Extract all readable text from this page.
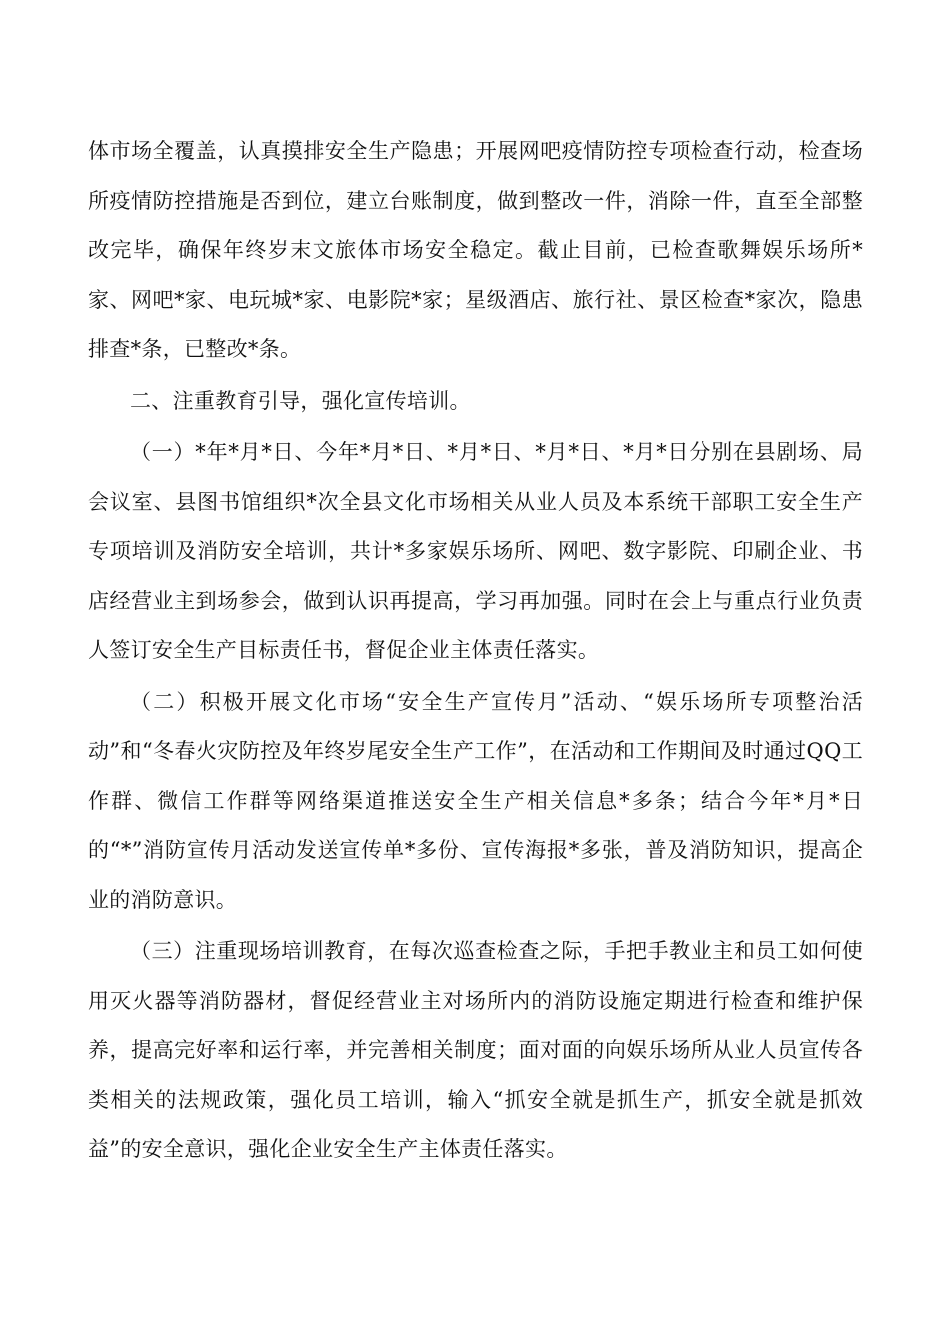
体市场全覆盖，认真摸排安全生产隐患；开展网吧疫情防控专项检查行动，检查场所疫情防控措施是否到位，建立台账制度，做到整改一件，消除一件，直至全部整改完毕，确保年终岁末文旅体市场安全稳定。截止目前，已检查歌舞娱乐场所*家、网吧*家、电玩城*家、电影院*家；星级酒店、旅行社、景区检查*家次，隐患排查*条，已整改*条。

二、注重教育引导，强化宣传培训。

（一）*年*月*日、今年*月*日、*月*日、*月*日、*月*日分别在县剧场、局会议室、县图书馆组织*次全县文化市场相关从业人员及本系统干部职工安全生产专项培训及消防安全培训，共计*多家娱乐场所、网吧、数字影院、印刷企业、书店经营业主到场参会，做到认识再提高，学习再加强。同时在会上与重点行业负责人签订安全生产目标责任书，督促企业主体责任落实。

（二）积极开展文化市场“安全生产宣传月”活动、“娱乐场所专项整治活动”和“冬春火灾防控及年终岁尾安全生产工作”，在活动和工作期间及时通过QQ工作群、微信工作群等网络渠道推送安全生产相关信息*多条；结合今年*月*日的“*”消防宣传月活动发送宣传单*多份、宣传海报*多张，普及消防知识，提高企业的消防意识。

（三）注重现场培训教育，在每次巡查检查之际，手把手教业主和员工如何使用灭火器等消防器材，督促经营业主对场所内的消防设施定期进行检查和维护保养，提高完好率和运行率，并完善相关制度；面对面的向娱乐场所从业人员宣传各类相关的法规政策，强化员工培训，输入“抓安全就是抓生产，抓安全就是抓效益”的安全意识，强化企业安全生产主体责任落实。
